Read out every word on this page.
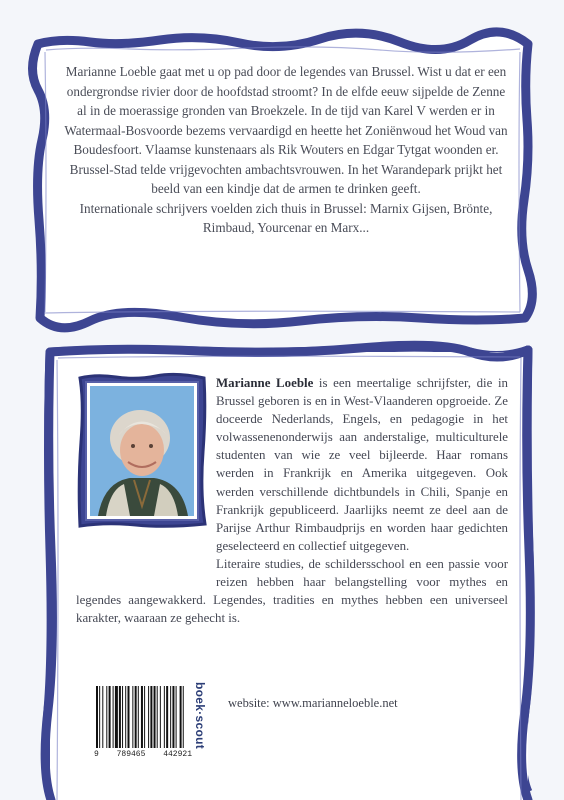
Marianne Loeble gaat met u op pad door de legendes van Brussel. Wist u dat er een ondergrondse rivier door de hoofdstad stroomt? In de elfde eeuw sijpelde de Zenne al in de moerassige gronden van Broekzele. In de tijd van Karel V werden er in Watermaal-Bosvoorde bezems vervaardigd en heette het Zoniënwoud het Woud van Boudesfoort. Vlaamse kunstenaars als Rik Wouters en Edgar Tytgat woonden er.

Brussel-Stad telde vrijgevochten ambachtsvrouwen. In het Warandepark prijkt het beeld van een kindje dat de armen te drinken geeft.

Internationale schrijvers voelden zich thuis in Brussel: Marnix Gijsen, Brönte, Rimbaud, Yourcenar en Marx...

Marianne Loeble is een meertalige schrijfster, die in Brussel geboren is en in West-Vlaanderen opgroeide. Ze doceerde Nederlands, Engels, en pedagogie in het volwassenenonderwijs aan anderstalige, multiculturele studenten van wie ze veel bijleerde. Haar romans werden in Frankrijk en Amerika uitgegeven. Ook werden verschillende dichtbundels in Chili, Spanje en Frankrijk gepubliceerd. Jaarlijks neemt ze deel aan de Parijse Arthur Rimbaudprijs en worden haar gedichten geselecteerd en collectief uitgegeven.

Literaire studies, de schildersschool en een passie voor reizen hebben haar belangstelling voor mythes en legendes aangewakkerd. Legendes, tradities en mythes hebben een universeel karakter, waaraan ze gehecht is.

9 789465 442921
boek·scout website: www.marianneloeble.net
